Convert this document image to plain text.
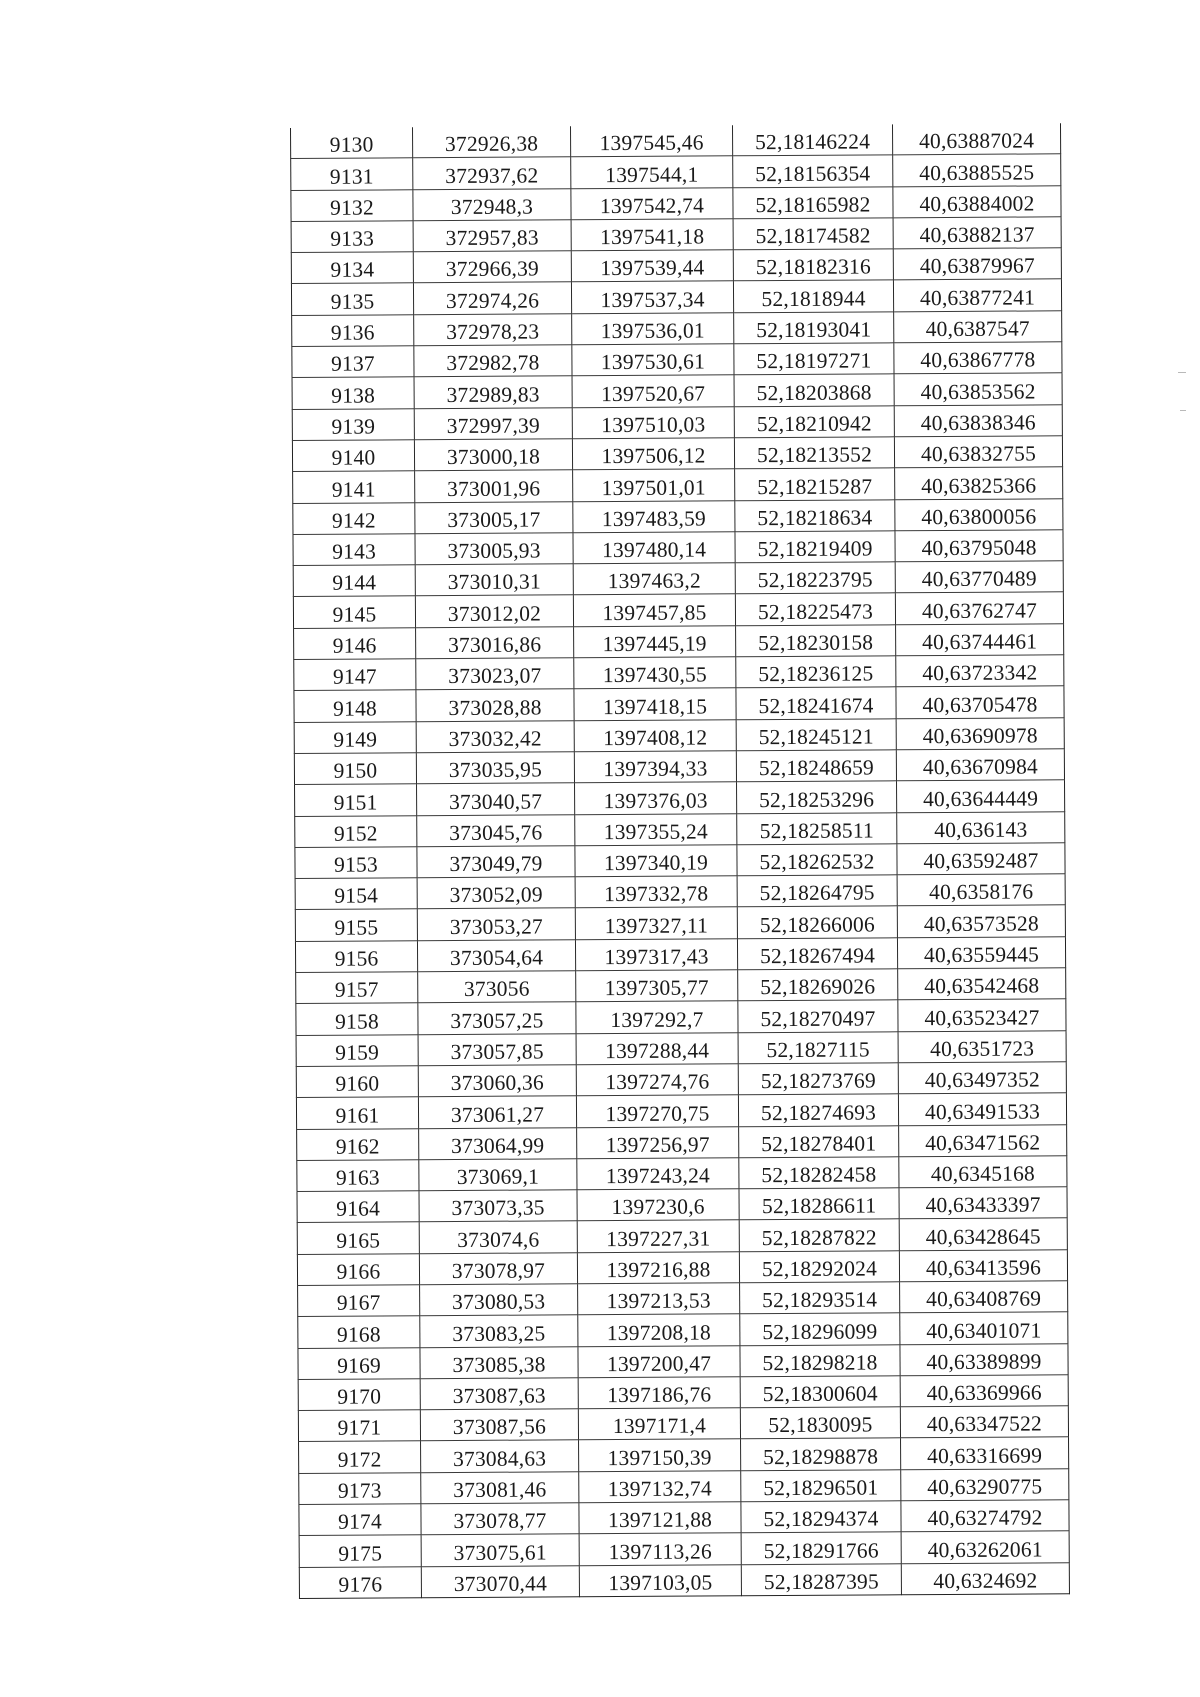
9130	372926,38	1397545,46	52,18146224	40,63887024
9131	372937,62	1397544,1	52,18156354	40,63885525
9132	372948,3	1397542,74	52,18165982	40,63884002
9133	372957,83	1397541,18	52,18174582	40,63882137
9134	372966,39	1397539,44	52,18182316	40,63879967
9135	372974,26	1397537,34	52,1818944	40,63877241
9136	372978,23	1397536,01	52,18193041	40,6387547
9137	372982,78	1397530,61	52,18197271	40,63867778
9138	372989,83	1397520,67	52,18203868	40,63853562
9139	372997,39	1397510,03	52,18210942	40,63838346
9140	373000,18	1397506,12	52,18213552	40,63832755
9141	373001,96	1397501,01	52,18215287	40,63825366
9142	373005,17	1397483,59	52,18218634	40,63800056
9143	373005,93	1397480,14	52,18219409	40,63795048
9144	373010,31	1397463,2	52,18223795	40,63770489
9145	373012,02	1397457,85	52,18225473	40,63762747
9146	373016,86	1397445,19	52,18230158	40,63744461
9147	373023,07	1397430,55	52,18236125	40,63723342
9148	373028,88	1397418,15	52,18241674	40,63705478
9149	373032,42	1397408,12	52,18245121	40,63690978
9150	373035,95	1397394,33	52,18248659	40,63670984
9151	373040,57	1397376,03	52,18253296	40,63644449
9152	373045,76	1397355,24	52,18258511	40,636143
9153	373049,79	1397340,19	52,18262532	40,63592487
9154	373052,09	1397332,78	52,18264795	40,6358176
9155	373053,27	1397327,11	52,18266006	40,63573528
9156	373054,64	1397317,43	52,18267494	40,63559445
9157	373056	1397305,77	52,18269026	40,63542468
9158	373057,25	1397292,7	52,18270497	40,63523427
9159	373057,85	1397288,44	52,1827115	40,6351723
9160	373060,36	1397274,76	52,18273769	40,63497352
9161	373061,27	1397270,75	52,18274693	40,63491533
9162	373064,99	1397256,97	52,18278401	40,63471562
9163	373069,1	1397243,24	52,18282458	40,6345168
9164	373073,35	1397230,6	52,18286611	40,63433397
9165	373074,6	1397227,31	52,18287822	40,63428645
9166	373078,97	1397216,88	52,18292024	40,63413596
9167	373080,53	1397213,53	52,18293514	40,63408769
9168	373083,25	1397208,18	52,18296099	40,63401071
9169	373085,38	1397200,47	52,18298218	40,63389899
9170	373087,63	1397186,76	52,18300604	40,63369966
9171	373087,56	1397171,4	52,1830095	40,63347522
9172	373084,63	1397150,39	52,18298878	40,63316699
9173	373081,46	1397132,74	52,18296501	40,63290775
9174	373078,77	1397121,88	52,18294374	40,63274792
9175	373075,61	1397113,26	52,18291766	40,63262061
9176	373070,44	1397103,05	52,18287395	40,6324692
